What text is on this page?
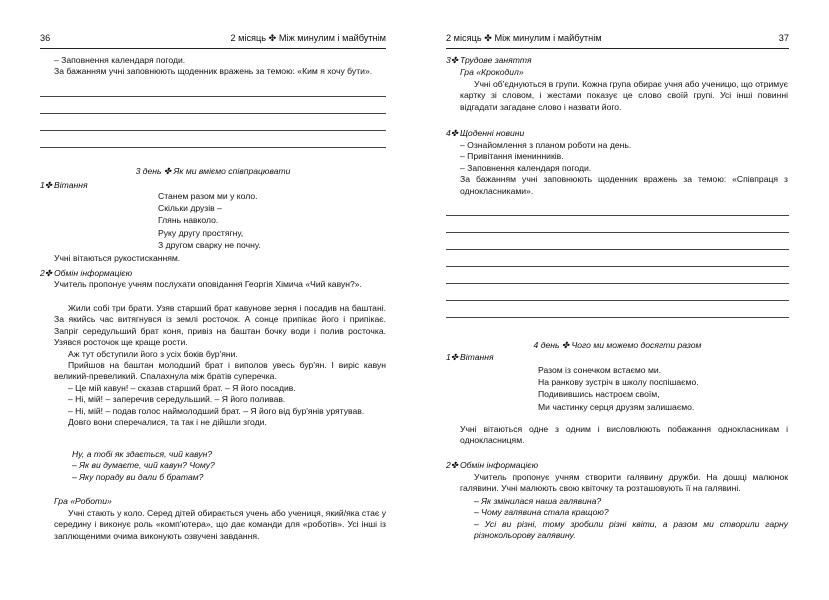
36	2 місяць ✤ Між минулим і майбутнім

– Заповнення календаря погоди.

За бажанням учні заповнюють щоденник вражень за темою: «Ким я хочу бути».

3 день ✤ Як ми вміємо співпрацювати
1✤ Вітання
Станем разом ми у коло.
Скільки друзів –
Глянь навколо.
Руку другу простягну,
З другом сварку не почну.
Учні вітаються рукостисканням.
2✤ Обмін інформацією
Учитель пропонує учням послухати оповідання Георгія Хімича «Чий кавун?».

Жили собі три брати. Узяв старший брат кавунове зерня і посадив на баштані. За якийсь час витягнувся із землі росточок. А сонце припікає його і припікає. Запріг середульший брат коня, привіз на баштан бочку води і полив росточка. Узявся росточок ще краще рости.

Аж тут обступили його з усіх боків бур'яни.

Прийшов на баштан молодший брат і виполов увесь бур'ян. І виріс кавун великий-превеликий. Спалахнула між братів суперечка.

– Це мій кавун! – сказав старший брат. – Я його посадив.

– Ні, мій! – заперечив середульший. – Я його поливав.

– Ні, мій! – подав голос наймолодший брат. – Я його від бур'янів урятував.

Довго вони сперечалися, та так і не дійшли згоди.

Ну, а тобі як здається, чий кавун?
– Як ви думаєте, чий кавун? Чому?
– Яку пораду ви дали б братам?
Гра «Роботи»

Учні стають у коло. Серед дітей обирається учень або учениця, який/яка стає у середину і виконує роль «комп'ютера», що дає команди для «роботів». Усі інші із заплющеними очима виконують озвучені завдання.

2 місяць ✤ Між минулим і майбутнім	37
3✤ Трудове заняття
Гра «Крокодил»

Учні об'єднуються в групи. Кожна група обирає учня або ученицю, що отримує картку зі словом, і жестами показує це слово своїй групі. Усі інші повинні відгадати загадане слово і назвати його.

4✤ Щоденні новини
– Ознайомлення з планом роботи на день.
– Привітання іменинників.
– Заповнення календаря погоди.

За бажанням учні заповнюють щоденник вражень за темою: «Співпраця з однокласниками».

4 день ✤ Чого ми можемо досягти разом
1✤ Вітання
Разом із сонечком встаємо ми.
На ранкову зустріч в школу поспішаємо.
Подивившись настроєм своїм,
Ми частинку серця друзям залишаємо.

Учні вітаються одне з одним і висловлюють побажання однокласникам і однокласницям.

2✤ Обмін інформацією

Учитель пропонує учням створити галявину дружби. На дошці малюнок галявини. Учні малюють свою квіточку та розташовують її на галявині.

– Як змінилася наша галявина?

– Чому галявина стала кращою?

– Усі ви різні, тому зробили різні квіти, а разом ми створили гарну різнокольорову галявину.
